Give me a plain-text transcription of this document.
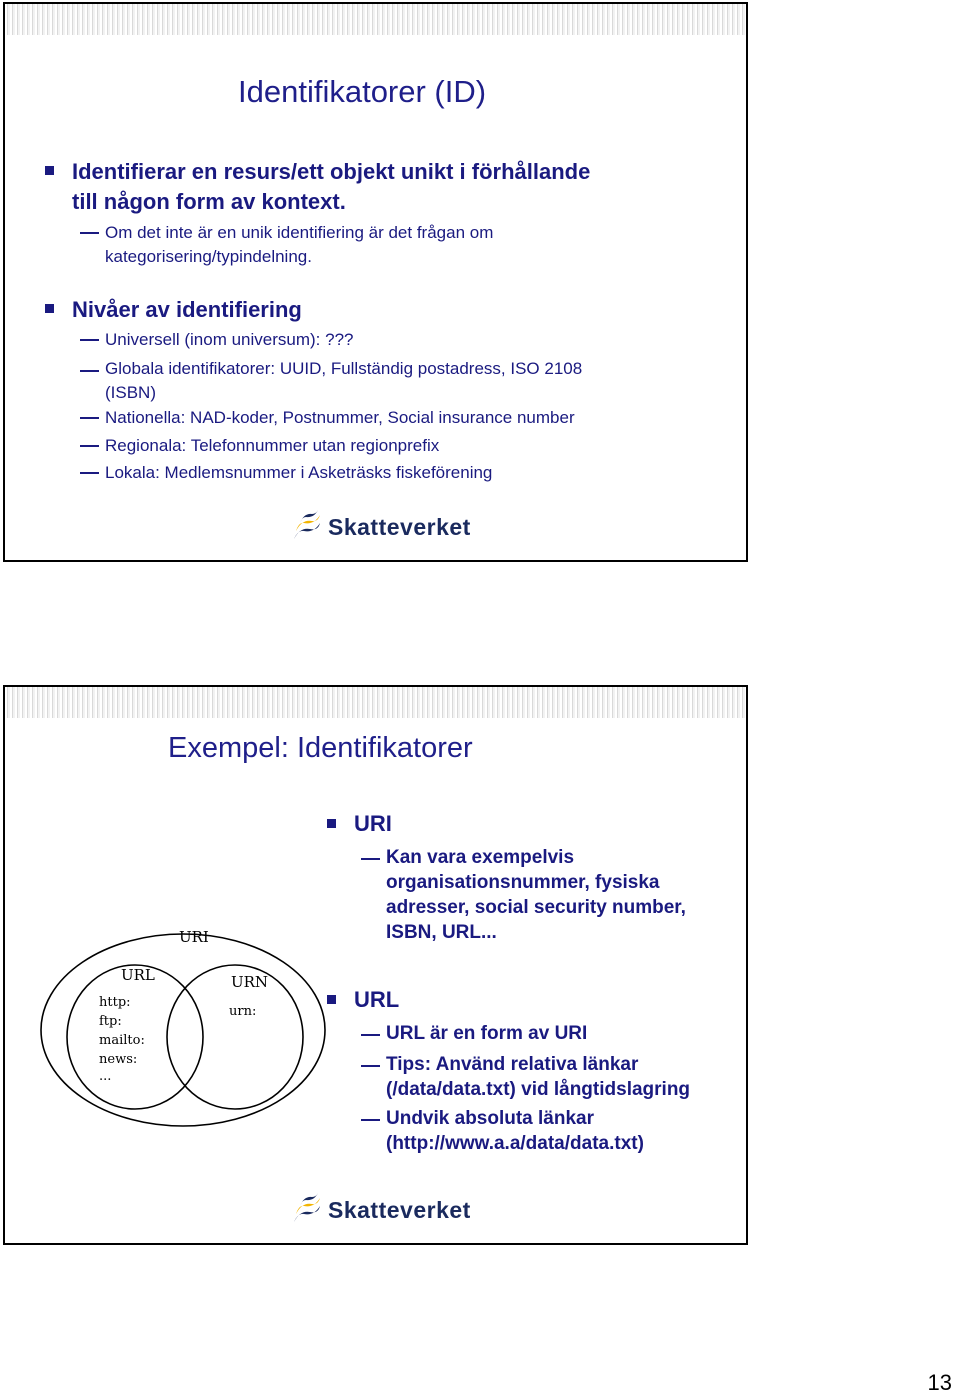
Identifikatorer (ID)
Identifierar en resurs/ett objekt unikt i förhållande
till någon form av kontext.
Om det inte är en unik identifiering är det frågan om
kategorisering/typindelning.
Nivåer av identifiering
Universell (inom universum): ???
Globala identifikatorer: UUID, Fullständig postadress, ISO 2108
(ISBN)
Nationella: NAD-koder, Postnummer, Social insurance number
Regionala: Telefonnummer utan regionprefix
Lokala: Medlemsnummer i Asketräsks fiskeförening
Skatteverket
Exempel: Identifikatorer
URI
Kan vara exempelvis
organisationsnummer, fysiska
adresser, social security number,
ISBN, URL...
URL
URL är en form av URI
Tips: Använd relativa länkar
(/data/data.txt) vid långtidslagring
Undvik absoluta länkar
(http://www.a.a/data/data.txt)
URI
URL	URN
http:
ftp:
mailto:
news:
...
urn:
Skatteverket
13
